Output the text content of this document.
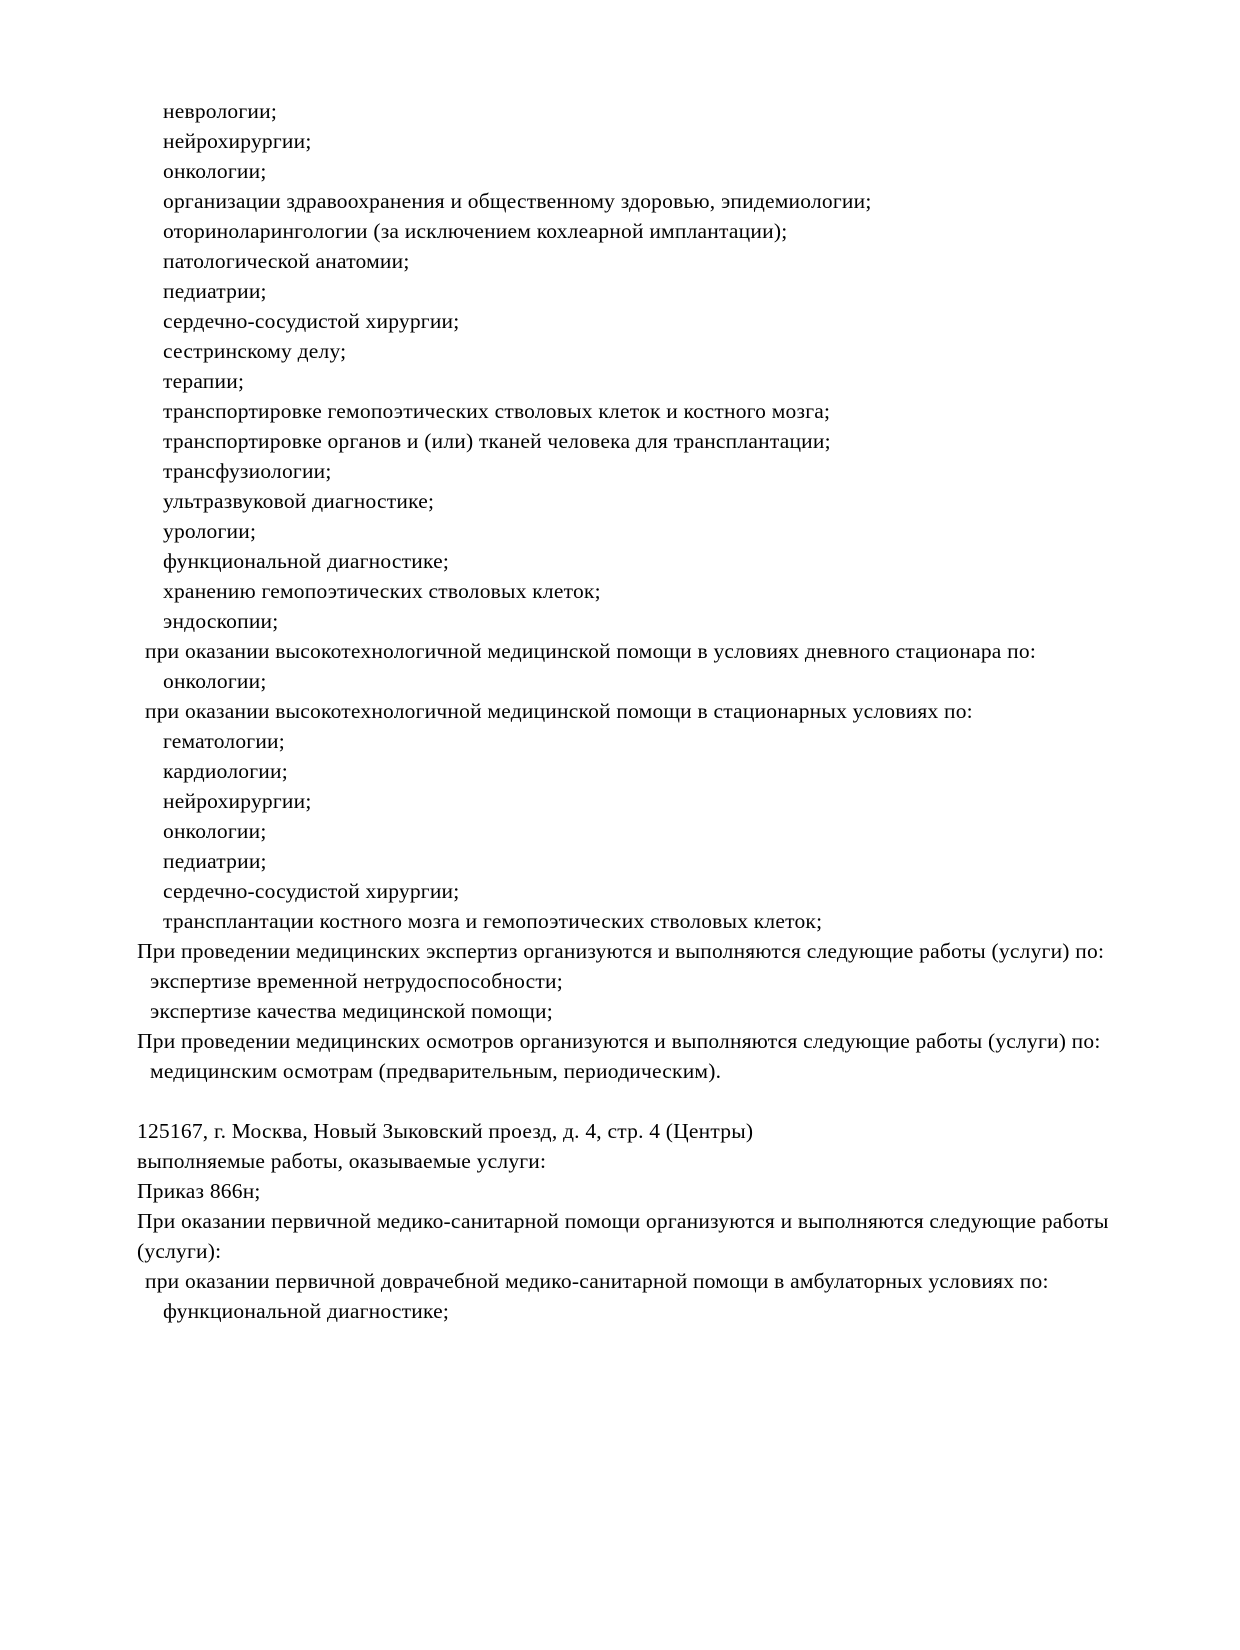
неврологии;
нейрохирургии;
онкологии;
организации здравоохранения и общественному здоровью, эпидемиологии;
оториноларингологии (за исключением кохлеарной имплантации);
патологической анатомии;
педиатрии;
сердечно-сосудистой хирургии;
сестринскому делу;
терапии;
транспортировке гемопоэтических стволовых клеток и костного мозга;
транспортировке органов и (или) тканей человека для трансплантации;
трансфузиологии;
ультразвуковой диагностике;
урологии;
функциональной диагностике;
хранению гемопоэтических стволовых клеток;
эндоскопии;
при оказании высокотехнологичной медицинской помощи в условиях дневного стационара по:
онкологии;
при оказании высокотехнологичной медицинской помощи в стационарных условиях по:
гематологии;
кардиологии;
нейрохирургии;
онкологии;
педиатрии;
сердечно-сосудистой хирургии;
трансплантации костного мозга и гемопоэтических стволовых клеток;
При проведении медицинских экспертиз организуются и выполняются следующие работы (услуги) по:
экспертизе временной нетрудоспособности;
экспертизе качества медицинской помощи;
При проведении медицинских осмотров организуются и выполняются следующие работы (услуги) по:
медицинским осмотрам (предварительным, периодическим).
125167, г. Москва, Новый Зыковский проезд, д. 4, стр. 4 (Центры)
выполняемые работы, оказываемые услуги:
Приказ 866н;
При оказании первичной медико-санитарной помощи организуются и выполняются следующие работы (услуги):
при оказании первичной доврачебной медико-санитарной помощи в амбулаторных условиях по:
функциональной диагностике;
